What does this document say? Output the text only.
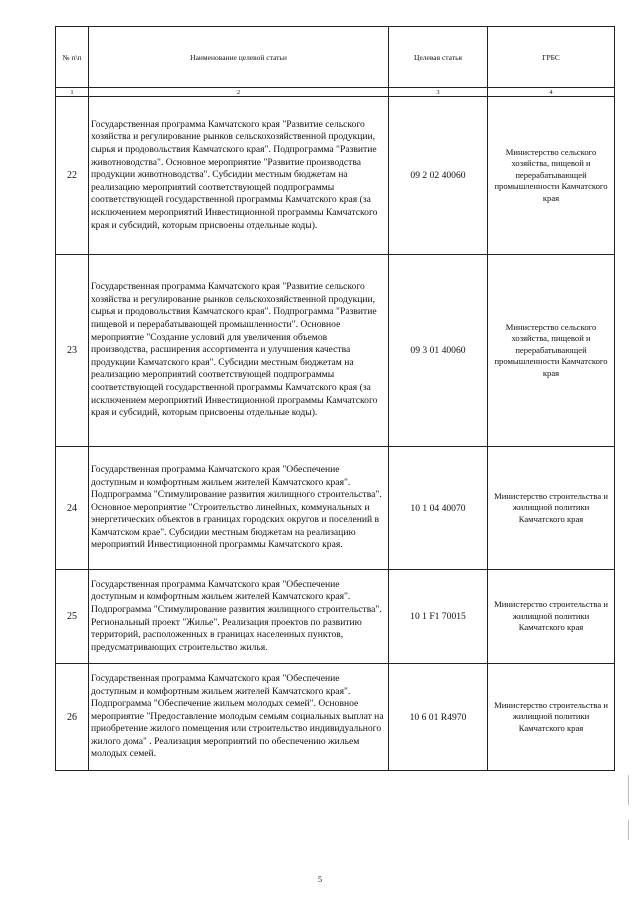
№ п\п	Наименование целевой статьи	Целевая статья	ГРБС
1	2	3	4
22	Государственная программа Камчатского края "Развитие сельского хозяйства и регулирование рынков сельскохозяйственной продукции, сырья и продовольствия Камчатского края". Подпрограмма "Развитие животноводства". Основное мероприятие "Развитие производства продукции животноводства". Субсидии местным бюджетам на реализацию мероприятий соответствующей подпрограммы соответствующей государственной программы Камчатского края (за исключением мероприятий Инвестиционной программы Камчатского края и субсидий, которым присвоены отдельные коды).	09 2 02 40060	Министерство сельского хозяйства, пищевой и перерабатывающей промышленности Камчатского края
23	Государственная программа Камчатского края "Развитие сельского хозяйства и регулирование рынков сельскохозяйственной продукции, сырья и продовольствия Камчатского края". Подпрограмма "Развитие пищевой и перерабатывающей промышленности". Основное мероприятие "Создание условий для увеличения объемов производства, расширения ассортимента и улучшения качества продукции Камчатского края". Субсидии местным бюджетам на реализацию мероприятий соответствующей подпрограммы соответствующей государственной программы Камчатского края (за исключением мероприятий Инвестиционной программы Камчатского края и субсидий, которым присвоены отдельные коды).	09 3 01 40060	Министерство сельского хозяйства, пищевой и перерабатывающей промышленности Камчатского края
24	Государственная программа Камчатского края "Обеспечение доступным и комфортным жильем жителей Камчатского края". Подпрограмма "Стимулирование развития жилищного строительства". Основное мероприятие "Строительство линейных, коммунальных и энергетических объектов в границах городских округов и поселений в Камчатском крае". Субсидии местным бюджетам на реализацию мероприятий Инвестиционной программы Камчатского края.	10 1 04 40070	Министерство строительства и жилищной политики Камчатского края
25	Государственная программа Камчатского края "Обеспечение доступным и комфортным жильем жителей Камчатского края". Подпрограмма "Стимулирование развития жилищного строительства". Региональный проект "Жилье". Реализация проектов по развитию территорий, расположенных в границах населенных пунктов, предусматривающих строительство жилья.	10 1 F1 70015	Министерство строительства и жилищной политики Камчатского края
26	Государственная программа Камчатского края "Обеспечение доступным и комфортным жильем жителей Камчатского края". Подпрограмма "Обеспечение жильем молодых семей". Основное мероприятие "Предоставление молодым семьям социальных выплат на приобретение жилого помещения или строительство индивидуального жилого дома" . Реализация мероприятий по обеспечению жильем молодых семей.	10 6 01 R4970	Министерство строительства и жилищной политики Камчатского края
5
